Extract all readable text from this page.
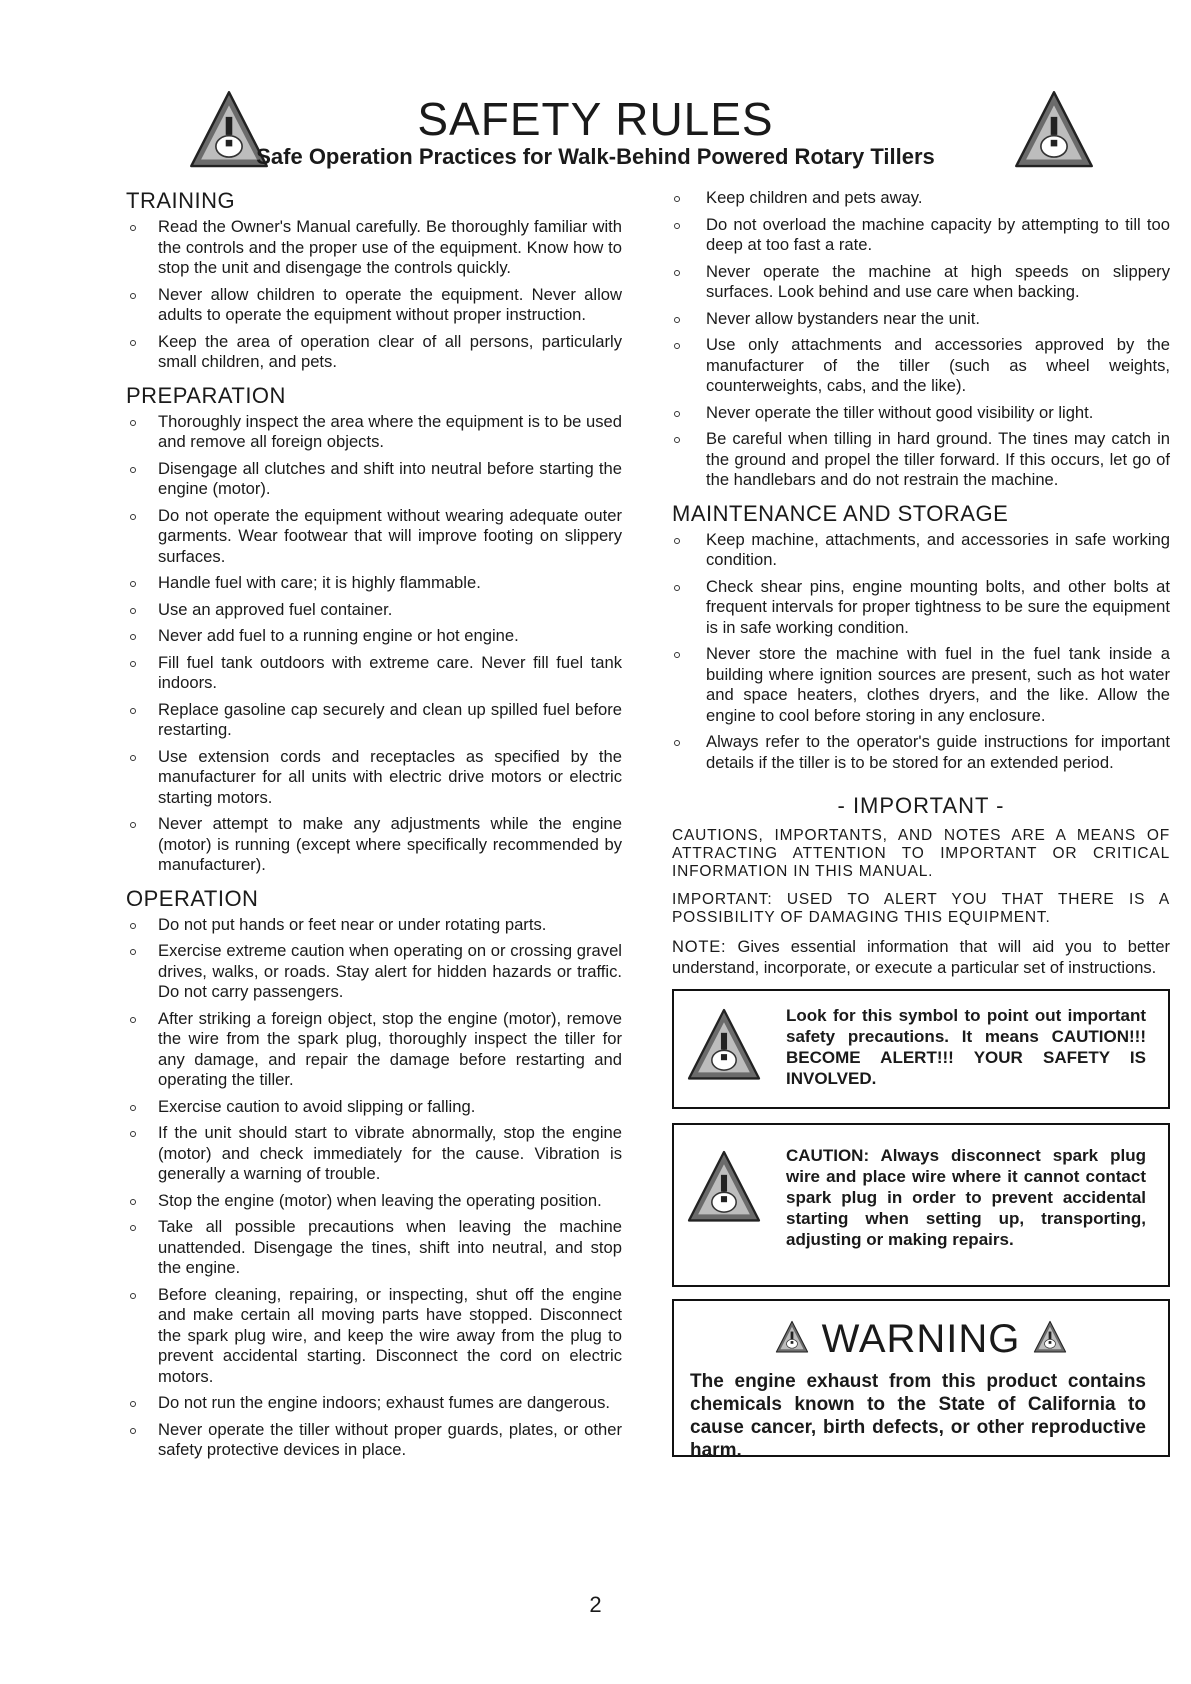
SAFETY RULES
Safe Operation Practices for Walk-Behind Powered Rotary Tillers
TRAINING
Read the Owner's Manual carefully. Be thoroughly familiar with the controls and the proper use of the equipment. Know how to stop the unit and disengage the controls quickly.
Never allow children to operate the equipment. Never allow adults to operate the equipment without proper instruction.
Keep the area of operation clear of all persons, particularly small children, and pets.
PREPARATION
Thoroughly inspect the area where the equipment is to be used and remove all foreign objects.
Disengage all clutches and shift into neutral before starting the engine (motor).
Do not operate the equipment without wearing adequate outer garments. Wear footwear that will improve footing on slippery surfaces.
Handle fuel with care; it is highly flammable.
Use an approved fuel container.
Never add fuel to a running engine or hot engine.
Fill fuel tank outdoors with extreme care. Never fill fuel tank indoors.
Replace gasoline cap securely and clean up spilled fuel before restarting.
Use extension cords and receptacles as specified by the manufacturer for all units with electric drive motors or electric starting motors.
Never attempt to make any adjustments while the engine (motor) is running (except where specifically recommended by manufacturer).
OPERATION
Do not put hands or feet near or under rotating parts.
Exercise extreme caution when operating on or crossing gravel drives, walks, or roads. Stay alert for hidden hazards or traffic. Do not carry passengers.
After striking a foreign object, stop the engine (motor), remove the wire from the spark plug, thoroughly inspect the tiller for any damage, and repair the damage before restarting and operating the tiller.
Exercise caution to avoid slipping or falling.
If the unit should start to vibrate abnormally, stop the engine (motor) and check immediately for the cause. Vibration is generally a warning of trouble.
Stop the engine (motor) when leaving the operating position.
Take all possible precautions when leaving the machine unattended. Disengage the tines, shift into neutral, and stop the engine.
Before cleaning, repairing, or inspecting, shut off the engine and make certain all moving parts have stopped. Disconnect the spark plug wire, and keep the wire away from the plug to prevent accidental starting. Disconnect the cord on electric motors.
Do not run the engine indoors; exhaust fumes are dangerous.
Never operate the tiller without proper guards, plates, or other safety protective devices in place.
Keep children and pets away.
Do not overload the machine capacity by attempting to till too deep at too fast a rate.
Never operate the machine at high speeds on slippery surfaces. Look behind and use care when backing.
Never allow bystanders near the unit.
Use only attachments and accessories approved by the manufacturer of the tiller (such as wheel weights, counterweights, cabs, and the like).
Never operate the tiller without good visibility or light.
Be careful when tilling in hard ground. The tines may catch in the ground and propel the tiller forward. If this occurs, let go of the handlebars and do not restrain the machine.
MAINTENANCE AND STORAGE
Keep machine, attachments, and accessories in safe working condition.
Check shear pins, engine mounting bolts, and other bolts at frequent intervals for proper tightness to be sure the equipment is in safe working condition.
Never store the machine with fuel in the fuel tank inside a building where ignition sources are present, such as hot water and space heaters, clothes dryers, and the like. Allow the engine to cool before storing in any enclosure.
Always refer to the operator's guide instructions for important details if the tiller is to be stored for an extended period.
- IMPORTANT -

CAUTIONS, IMPORTANTS, AND NOTES ARE A MEANS OF ATTRACTING ATTENTION TO IMPORTANT OR CRITICAL INFORMATION IN THIS MANUAL.

IMPORTANT: USED TO ALERT YOU THAT THERE IS A POSSIBILITY OF DAMAGING THIS EQUIPMENT.

NOTE: Gives essential information that will aid you to better understand, incorporate, or execute a particular set of instructions.

Look for this symbol to point out important safety precautions. It means CAUTION!!! BECOME ALERT!!! YOUR SAFETY IS INVOLVED.
CAUTION: Always disconnect spark plug wire and place wire where it cannot contact spark plug in order to prevent accidental starting when setting up, transporting, adjusting or making repairs.
WARNING
The engine exhaust from this product contains chemicals known to the State of California to cause cancer, birth defects, or other reproductive harm.
2
